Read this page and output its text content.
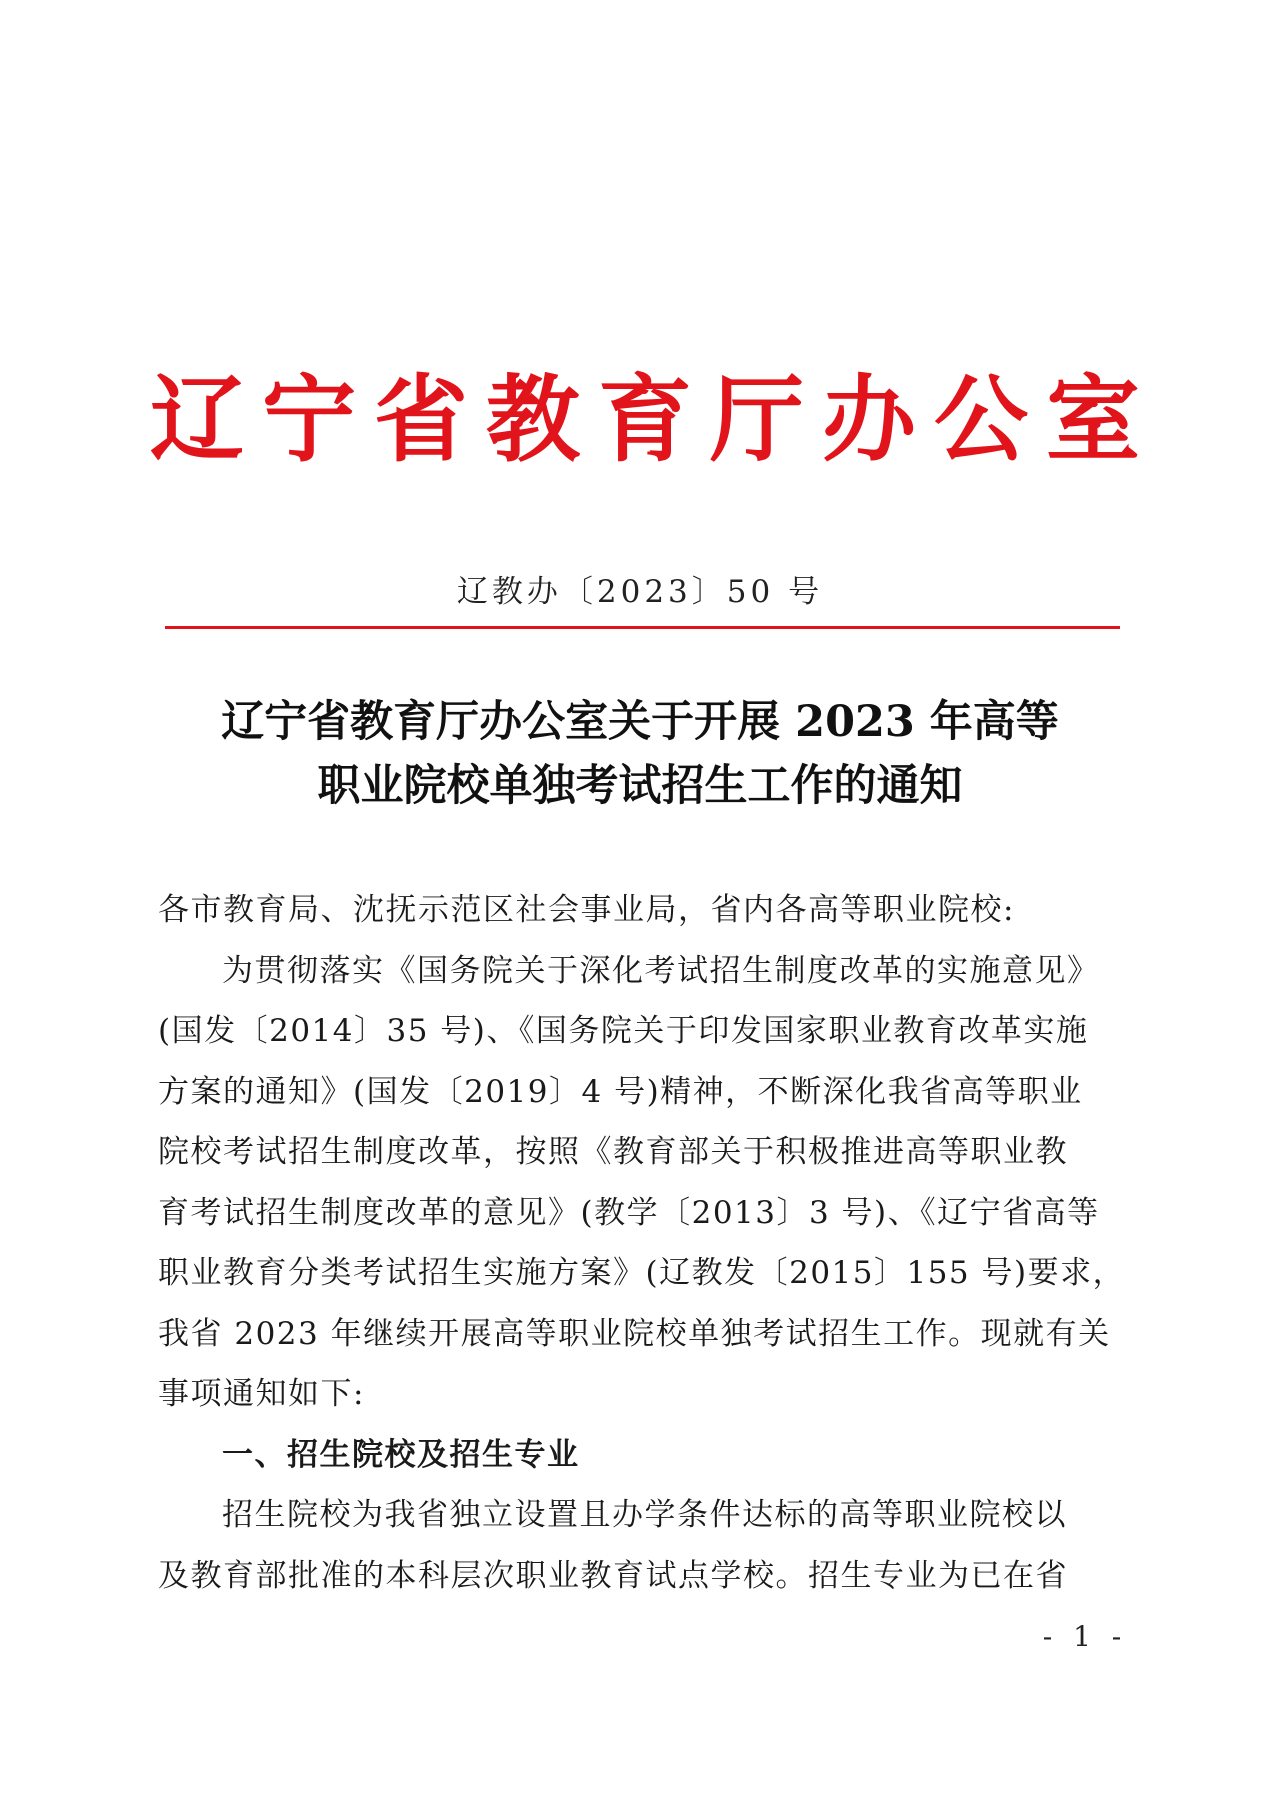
辽宁省教育厅办公室
辽教办〔2023〕50 号
辽宁省教育厅办公室关于开展 2023 年高等
职业院校单独考试招生工作的通知
各市教育局、沈抚示范区社会事业局，省内各高等职业院校:
为贯彻落实《国务院关于深化考试招生制度改革的实施意见》
(国发〔2014〕35 号)、《国务院关于印发国家职业教育改革实施
方案的通知》(国发〔2019〕4 号)精神，不断深化我省高等职业
院校考试招生制度改革，按照《教育部关于积极推进高等职业教
育考试招生制度改革的意见》(教学〔2013〕3 号)、《辽宁省高等
职业教育分类考试招生实施方案》(辽教发〔2015〕155 号)要求，
我省 2023 年继续开展高等职业院校单独考试招生工作。现就有关
事项通知如下:
一、招生院校及招生专业
招生院校为我省独立设置且办学条件达标的高等职业院校以
及教育部批准的本科层次职业教育试点学校。招生专业为已在省
- 1 -
